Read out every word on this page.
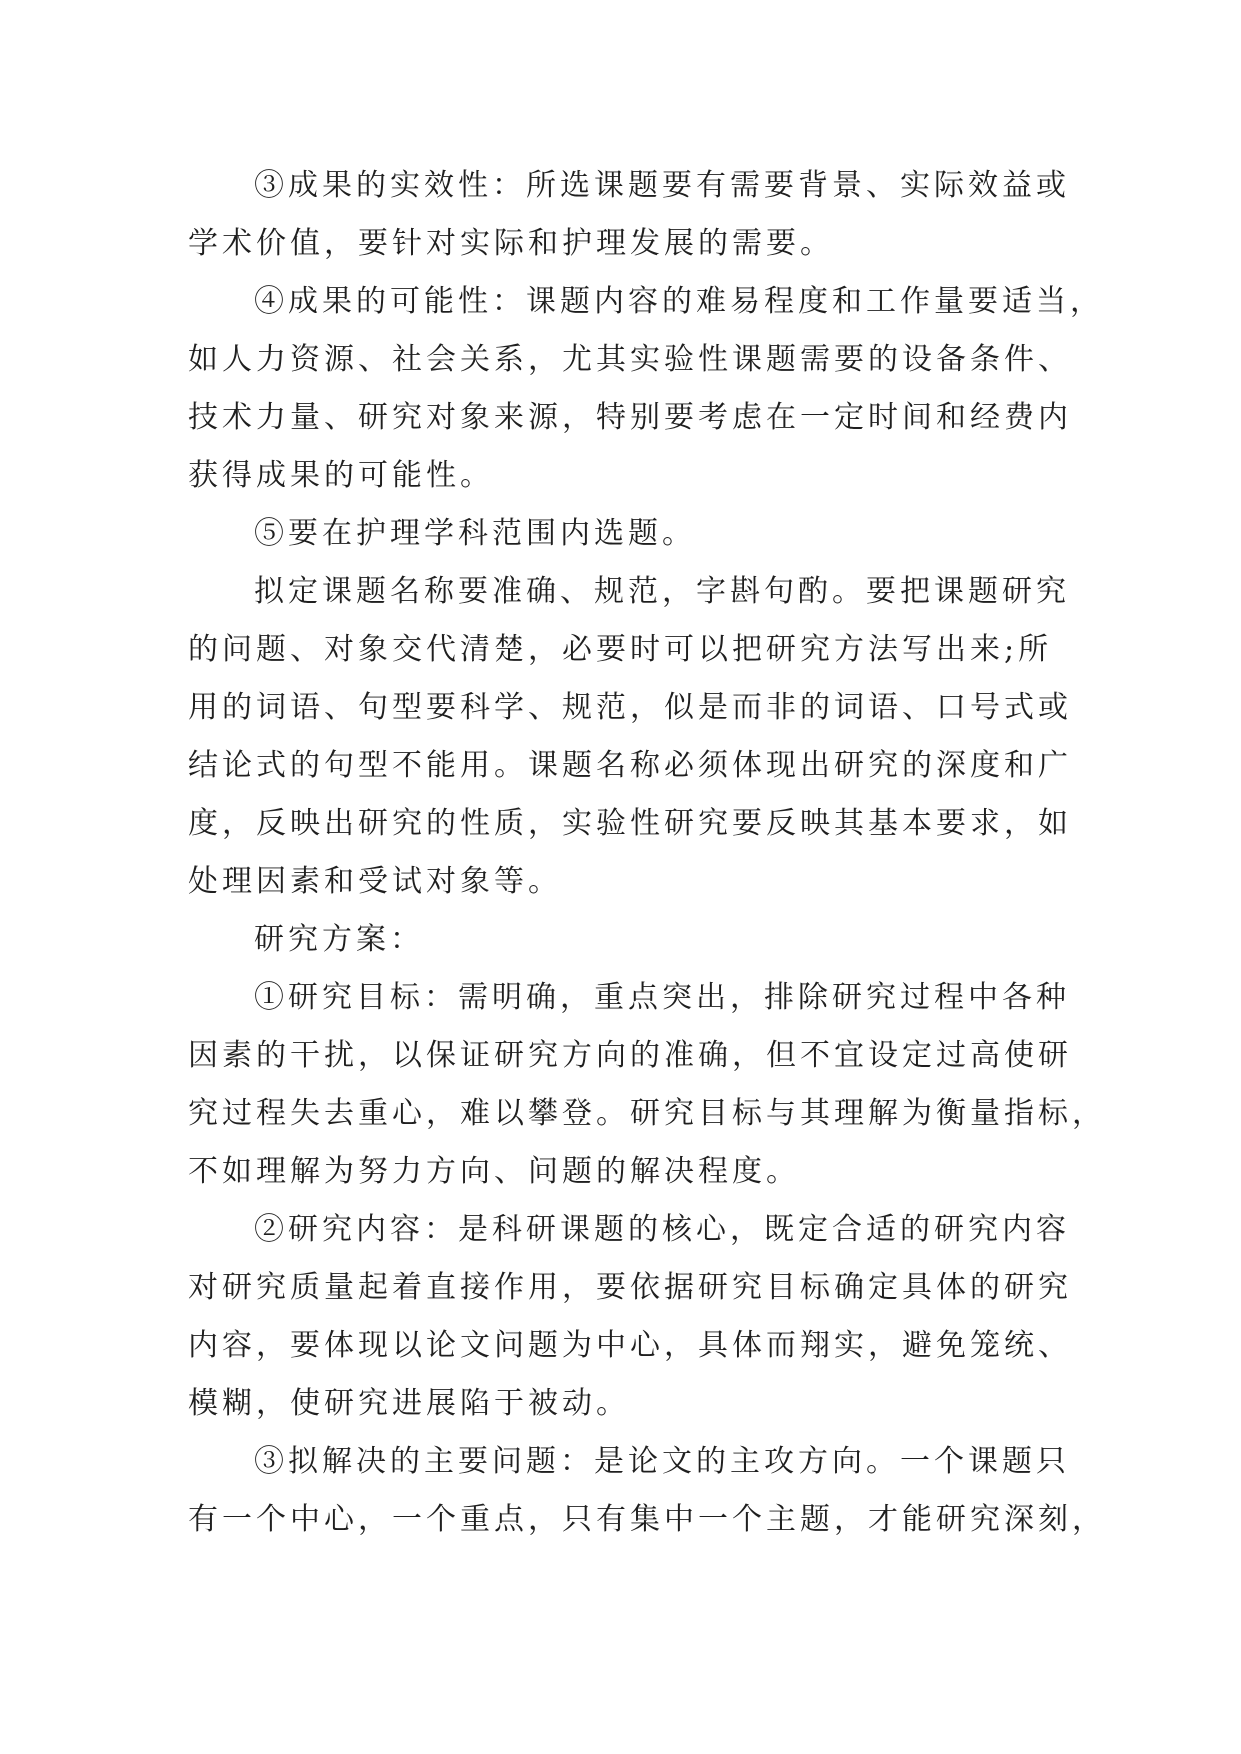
③成果的实效性：所选课题要有需要背景、实际效益或
学术价值，要针对实际和护理发展的需要。
④成果的可能性：课题内容的难易程度和工作量要适当，
如人力资源、社会关系，尤其实验性课题需要的设备条件、
技术力量、研究对象来源，特别要考虑在一定时间和经费内
获得成果的可能性。
⑤要在护理学科范围内选题。
拟定课题名称要准确、规范，字斟句酌。要把课题研究
的问题、对象交代清楚，必要时可以把研究方法写出来;所
用的词语、句型要科学、规范，似是而非的词语、口号式或
结论式的句型不能用。课题名称必须体现出研究的深度和广
度，反映出研究的性质，实验性研究要反映其基本要求，如
处理因素和受试对象等。
研究方案：
①研究目标：需明确，重点突出，排除研究过程中各种
因素的干扰，以保证研究方向的准确，但不宜设定过高使研
究过程失去重心，难以攀登。研究目标与其理解为衡量指标，
不如理解为努力方向、问题的解决程度。
②研究内容：是科研课题的核心，既定合适的研究内容
对研究质量起着直接作用，要依据研究目标确定具体的研究
内容，要体现以论文问题为中心，具体而翔实，避免笼统、
模糊，使研究进展陷于被动。
③拟解决的主要问题：是论文的主攻方向。一个课题只
有一个中心，一个重点，只有集中一个主题，才能研究深刻，
